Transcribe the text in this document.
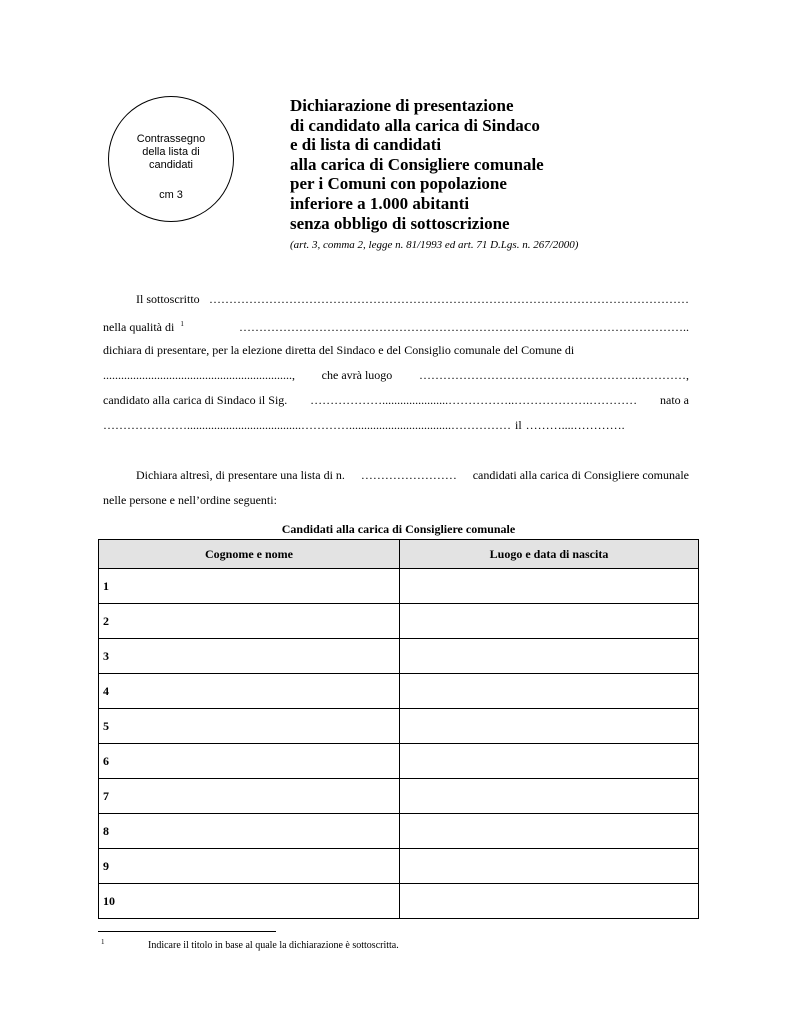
Contrassegno della lista di candidati
cm 3
Dichiarazione di presentazione
di candidato alla carica di Sindaco
e di lista di candidati
alla carica di Consigliere comunale
per i Comuni con popolazione
inferiore a 1.000 abitanti
senza obbligo di sottoscrizione
(art. 3, comma 2, legge n. 81/1993 ed art. 71 D.Lgs. n. 267/2000)
Il sottoscritto …………………………………………………………………………………………………………
nella qualità di $^1$	…………………………………………………………………………………………………..
dichiara di presentare, per la elezione diretta del Sindaco e del Consiglio comunale del Comune di
..............................................................., che avrà luogo ……………………………………………….…………,
candidato alla carica di Sindaco il Sig. ………………......................……………..……………….………… nato a
…………………......................................…………..................................…………… il ………....………….
Dichiara altresì, di presentare una lista di n. …………………… candidati alla carica di Consigliere comunale
nelle persone e nell’ordine seguenti:
Candidati alla carica di Consigliere comunale
Cognome e nome	Luogo e data di nascita
1	
2	
3	
4	
5	
6	
7	
8	
9	
10	
1	Indicare il titolo in base al quale la dichiarazione è sottoscritta.
